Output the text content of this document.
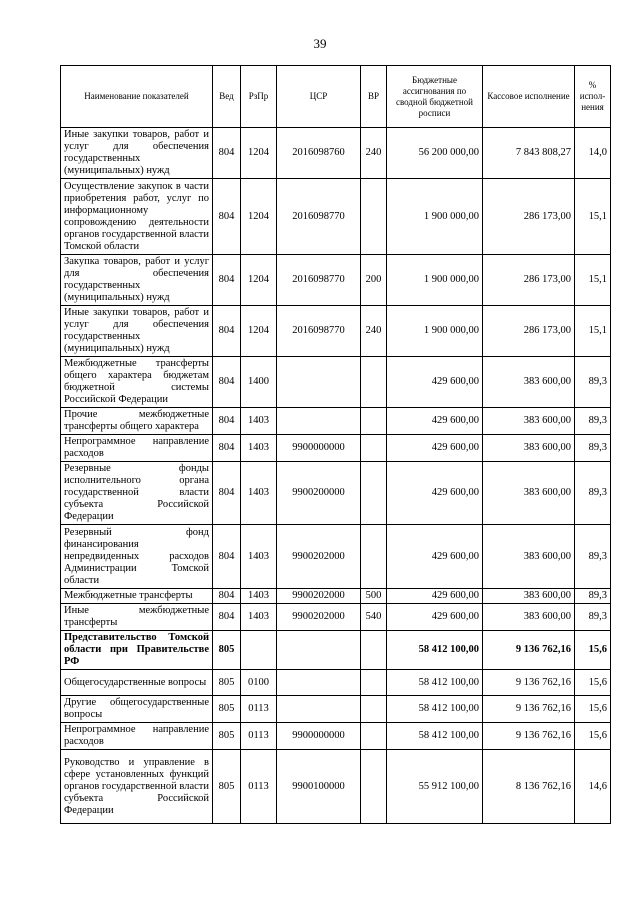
39
Наименование показателей	Вед	РзПр	ЦСР	ВР	Бюджетные ассигнования по сводной бюджетной росписи	Кассовое исполнение	% испол-нения
Иные закупки товаров, работ и услуг для обеспечения государственных (муниципальных) нужд	804	1204	2016098760	240	56 200 000,00	7 843 808,27	14,0
Осуществление закупок в части приобретения работ, услуг по информационному сопровождению деятельности органов государственной власти Томской области	804	1204	2016098770		1 900 000,00	286 173,00	15,1
Закупка товаров, работ и услуг для обеспечения государственных (муниципальных) нужд	804	1204	2016098770	200	1 900 000,00	286 173,00	15,1
Иные закупки товаров, работ и услуг для обеспечения государственных (муниципальных) нужд	804	1204	2016098770	240	1 900 000,00	286 173,00	15,1
Межбюджетные трансферты общего характера бюджетам бюджетной системы Российской Федерации	804	1400			429 600,00	383 600,00	89,3
Прочие межбюджетные трансферты общего характера	804	1403			429 600,00	383 600,00	89,3
Непрограммное направление расходов	804	1403	9900000000		429 600,00	383 600,00	89,3
Резервные фонды исполнительного органа государственной власти субъекта Российской Федерации	804	1403	9900200000		429 600,00	383 600,00	89,3
Резервный фонд финансирования непредвиденных расходов Администрации Томской области	804	1403	9900202000		429 600,00	383 600,00	89,3
Межбюджетные трансферты	804	1403	9900202000	500	429 600,00	383 600,00	89,3
Иные межбюджетные трансферты	804	1403	9900202000	540	429 600,00	383 600,00	89,3
Представительство Томской области при Правительстве РФ	805				58 412 100,00	9 136 762,16	15,6
Общегосударственные вопросы	805	0100			58 412 100,00	9 136 762,16	15,6
Другие общегосударственные вопросы	805	0113			58 412 100,00	9 136 762,16	15,6
Непрограммное направление расходов	805	0113	9900000000		58 412 100,00	9 136 762,16	15,6
Руководство и управление в сфере установленных функций органов государственной власти субъекта Российской Федерации	805	0113	9900100000		55 912 100,00	8 136 762,16	14,6
